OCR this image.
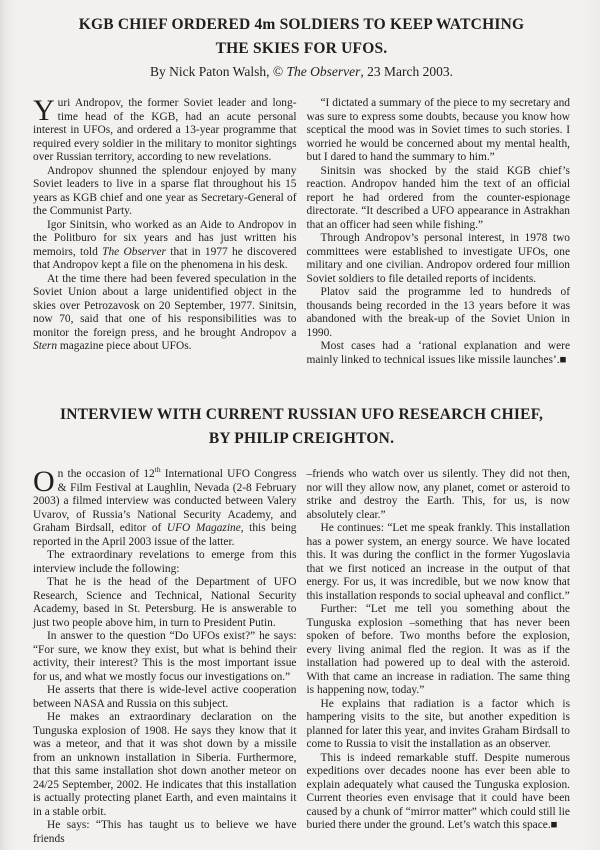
KGB CHIEF ORDERED 4m SOLDIERS TO KEEP WATCHING
THE SKIES FOR UFOS.
By Nick Paton Walsh, © The Observer, 23 March 2003.

Yuri Andropov, the former Soviet leader and long-time head of the KGB, had an acute personal interest in UFOs, and ordered a 13-year programme that required every soldier in the military to monitor sightings over Russian territory, according to new revelations.

Andropov shunned the splendour enjoyed by many Soviet leaders to live in a sparse flat throughout his 15 years as KGB chief and one year as Secretary-General of the Communist Party.

Igor Sinitsin, who worked as an Aide to Andropov in the Politburo for six years and has just written his memoirs, told The Observer that in 1977 he discovered that Andropov kept a file on the phenomena in his desk.

At the time there had been fevered speculation in the Soviet Union about a large unidentified object in the skies over Petrozavosk on 20 September, 1977. Sinitsin, now 70, said that one of his responsibilities was to monitor the foreign press, and he brought Andropov a Stern magazine piece about UFOs.

“I dictated a summary of the piece to my secretary and was sure to express some doubts, because you know how sceptical the mood was in Soviet times to such stories. I worried he would be concerned about my mental health, but I dared to hand the summary to him.”

Sinitsin was shocked by the staid KGB chief’s reaction. Andropov handed him the text of an official report he had ordered from the counter-espionage directorate. “It described a UFO appearance in Astrakhan that an officer had seen while fishing.”

Through Andropov’s personal interest, in 1978 two committees were established to investigate UFOs, one military and one civilian. Andropov ordered four million Soviet soldiers to file detailed reports of incidents.

Platov said the programme led to hundreds of thousands being recorded in the 13 years before it was abandoned with the break-up of the Soviet Union in 1990.

Most cases had a ‘rational explanation and were mainly linked to technical issues like missile launches’.■

INTERVIEW WITH CURRENT RUSSIAN UFO RESEARCH CHIEF,
BY PHILIP CREIGHTON.

On the occasion of 12th International UFO Congress & Film Festival at Laughlin, Nevada (2-8 February 2003) a filmed interview was conducted between Valery Uvarov, of Russia’s National Security Academy, and Graham Birdsall, editor of UFO Magazine, this being reported in the April 2003 issue of the latter.

The extraordinary revelations to emerge from this interview include the following:

That he is the head of the Department of UFO Research, Science and Technical, National Security Academy, based in St. Petersburg. He is answerable to just two people above him, in turn to President Putin.

In answer to the question “Do UFOs exist?” he says: “For sure, we know they exist, but what is behind their activity, their interest? This is the most important issue for us, and what we mostly focus our investigations on.”

He asserts that there is wide-level active cooperation between NASA and Russia on this subject.

He makes an extraordinary declaration on the Tunguska explosion of 1908. He says they know that it was a meteor, and that it was shot down by a missile from an unknown installation in Siberia. Furthermore, that this same installation shot down another meteor on 24/25 September, 2002. He indicates that this installation is actually protecting planet Earth, and even maintains it in a stable orbit.

He says: “This has taught us to believe we have friends

–friends who watch over us silently. They did not then, nor will they allow now, any planet, comet or asteroid to strike and destroy the Earth. This, for us, is now absolutely clear.”

He continues: “Let me speak frankly. This installation has a power system, an energy source. We have located this. It was during the conflict in the former Yugoslavia that we first noticed an increase in the output of that energy. For us, it was incredible, but we now know that this installation responds to social upheaval and conflict.”

Further: “Let me tell you something about the Tunguska explosion –something that has never been spoken of before. Two months before the explosion, every living animal fled the region. It was as if the installation had powered up to deal with the asteroid. With that came an increase in radiation. The same thing is happening now, today.”

He explains that radiation is a factor which is hampering visits to the site, but another expedition is planned for later this year, and invites Graham Birdsall to come to Russia to visit the installation as an observer.

This is indeed remarkable stuff. Despite numerous expeditions over decades noone has ever been able to explain adequately what caused the Tunguska explosion. Current theories even envisage that it could have been caused by a chunk of “mirror matter” which could still lie buried there under the ground. Let’s watch this space.■
